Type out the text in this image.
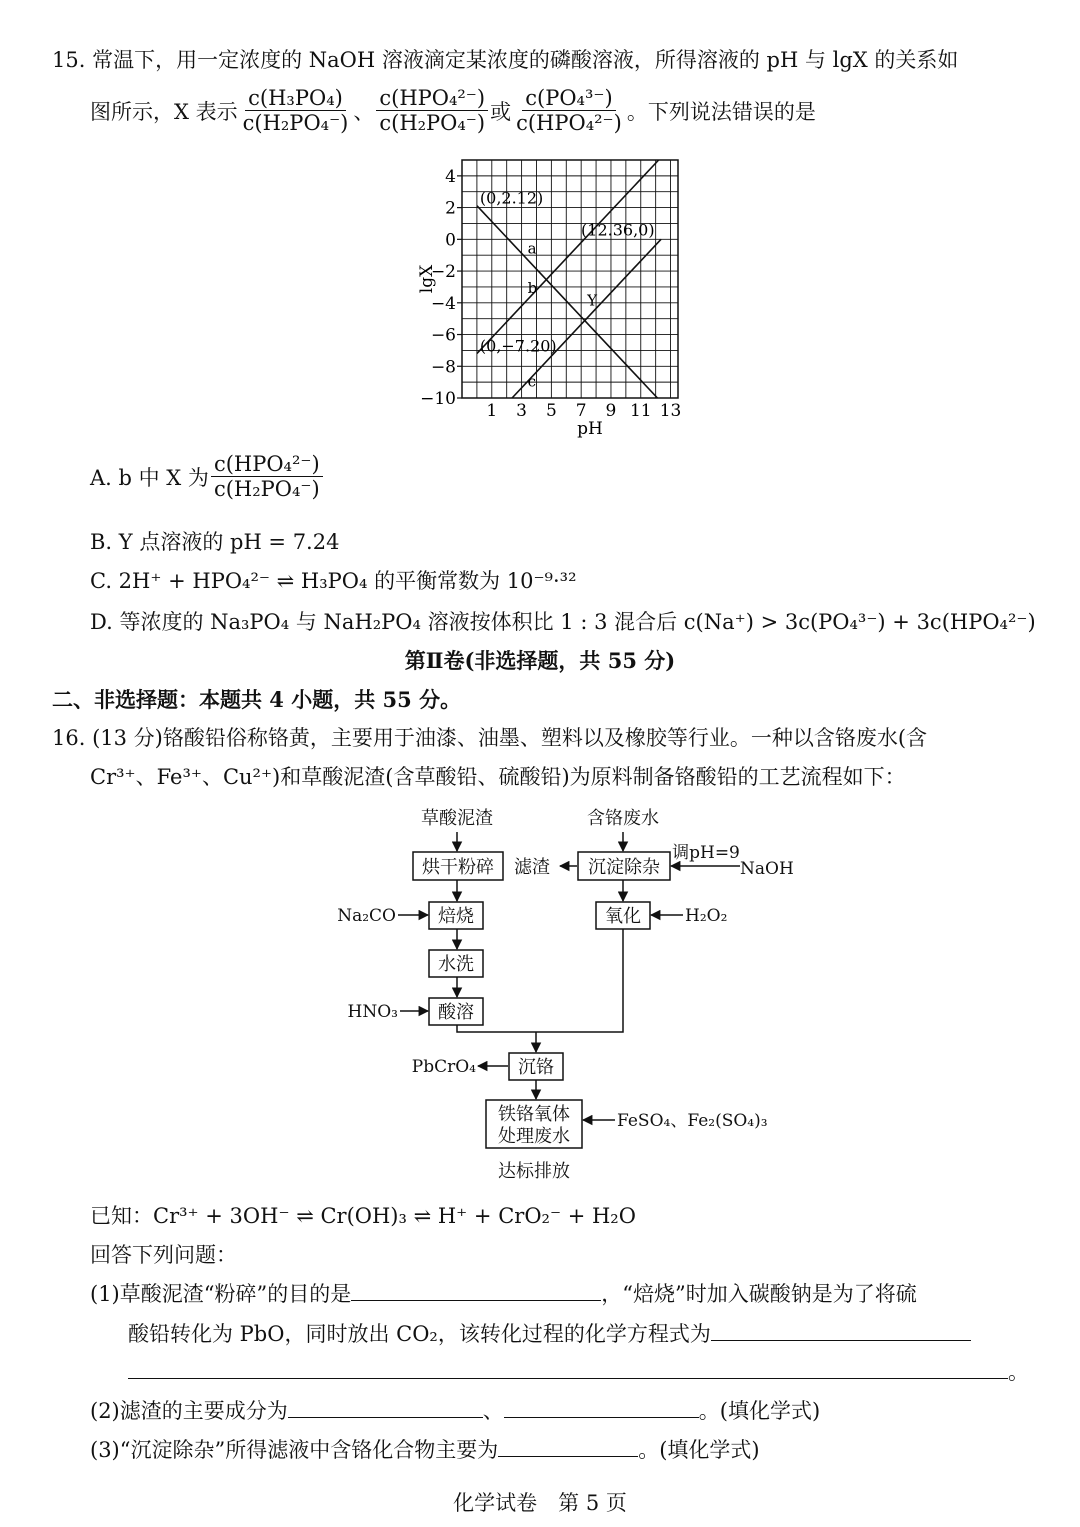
15. 常温下，用一定浓度的 NaOH 溶液滴定某浓度的磷酸溶液，所得溶液的 pH 与 lgX 的关系如
图所示，X 表示 $\frac{\text{c(H₃PO₄)}}{\text{c(H₂PO₄⁻)}}$ 、 $\frac{\text{c(HPO₄²⁻)}}{\text{c(H₂PO₄⁻)}}$ 或 $\frac{\text{c(PO₄³⁻)}}{\text{c(HPO₄²⁻)}}$ 。下列说法错误的是
4
2
0
−2
−4
−6
−8
−10
1 3 5 7 9 11 13
pH
lgX
(0,2.12)
(12.36,0)
(0,−7.20)
a
b
Y
c
A. b 中 X 为 $\frac{\text{c(HPO₄²⁻)}}{\text{c(H₂PO₄⁻)}}$
B. Y 点溶液的 pH = 7.24
C. 2H⁺ + HPO₄²⁻ ⇌ H₃PO₄ 的平衡常数为 10⁻⁹·³²
D. 等浓度的 Na₃PO₄ 与 NaH₂PO₄ 溶液按体积比 1 : 3 混合后 c(Na⁺) > 3c(PO₄³⁻) + 3c(HPO₄²⁻)
第Ⅱ卷(非选择题，共 55 分)
二、非选择题：本题共 4 小题，共 55 分。
16. (13 分)铬酸铅俗称铬黄，主要用于油漆、油墨、塑料以及橡胶等行业。一种以含铬废水(含
Cr³⁺、Fe³⁺、Cu²⁺)和草酸泥渣(含草酸铅、硫酸铅)为原料制备铬酸铅的工艺流程如下：
草酸泥渣	含铬废水
烘干粉碎 滤渣 沉淀除杂
调pH=9
NaOH
Na₂CO 焙烧	氧化	H₂O₂
水洗
HNO₃ 酸溶
PbCrO₄ 沉铬
铁铬氧体
处理废水
FeSO₄、Fe₂(SO₄)₃
达标排放
已知：Cr³⁺ + 3OH⁻ ⇌ Cr(OH)₃ ⇌ H⁺ + CrO₂⁻ + H₂O
回答下列问题：
(1)草酸泥渣“粉碎”的目的是	，“焙烧”时加入碳酸钠是为了将硫
酸铅转化为 PbO，同时放出 CO₂，该转化过程的化学方程式为
。
(2)滤渣的主要成分为	、	。(填化学式)
(3)“沉淀除杂”所得滤液中含铬化合物主要为	。(填化学式)
化学试卷　第 5 页
